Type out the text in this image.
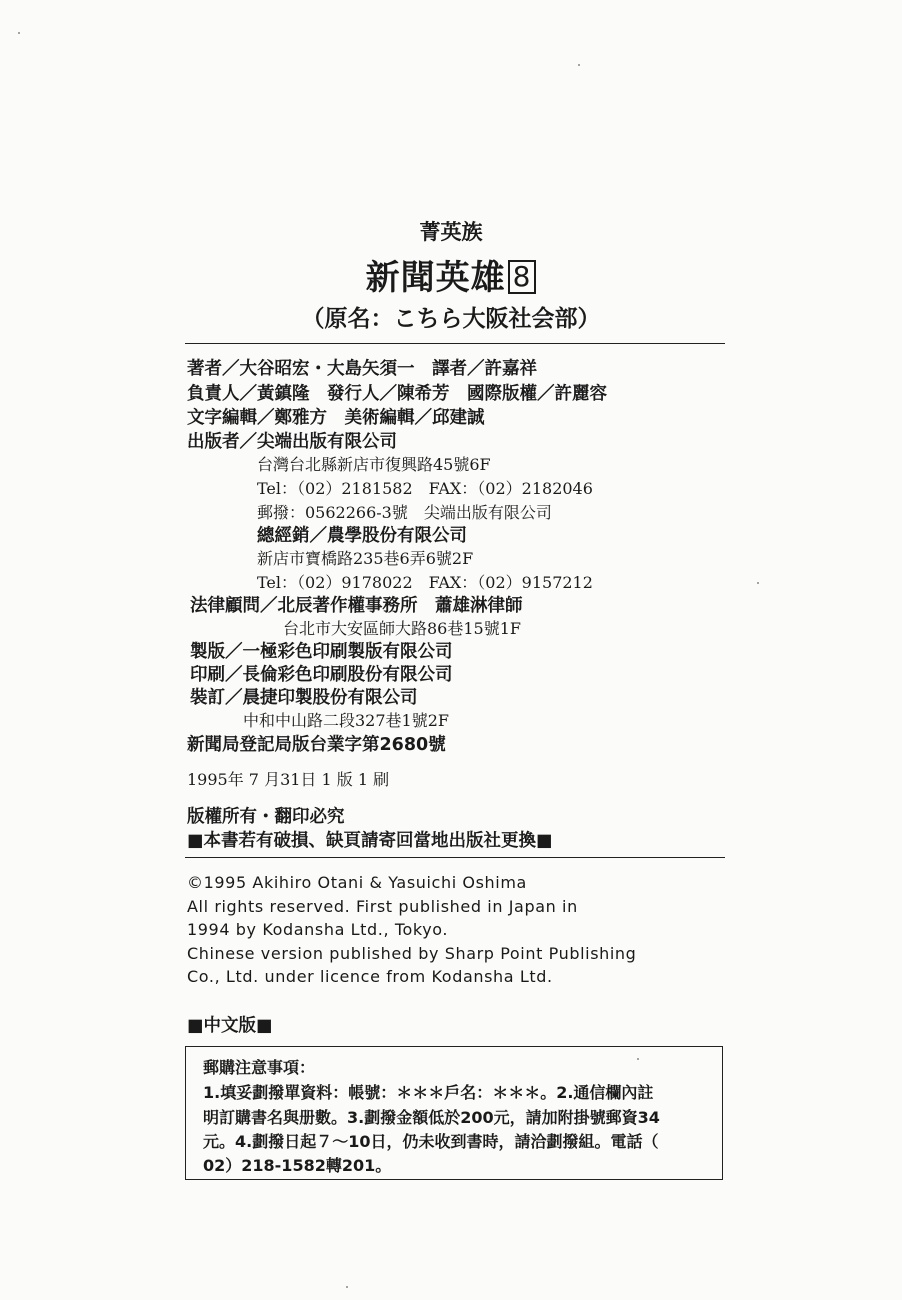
菁英族
新聞英雄 8
（原名：こちら大阪社会部）
著者／大谷昭宏・大島矢須一　譯者／許嘉祥
負責人／黃鎮隆　發行人／陳希芳　國際版權／許麗容
文字編輯／鄭雅方　美術編輯／邱建誠
出版者／尖端出版有限公司
台灣台北縣新店市復興路45號6F
Tel：（02）2181582　FAX：（02）2182046
郵撥：0562266-3號　尖端出版有限公司
總經銷／農學股份有限公司
新店市寶橋路235巷6弄6號2F
Tel：（02）9178022　FAX：（02）9157212
法律顧問／北辰著作權事務所　蕭雄淋律師
台北市大安區師大路86巷15號1F
製版／一極彩色印刷製版有限公司
印刷／長倫彩色印刷股份有限公司
裝訂／晨捷印製股份有限公司
中和中山路二段327巷1號2F
新聞局登記局版台業字第2680號
1995年 7 月31日 1 版 1 刷
版權所有・翻印必究
■本書若有破損、缺頁請寄回當地出版社更換■
©1995 Akihiro Otani & Yasuichi Oshima
All rights reserved. First published in Japan in
1994 by Kodansha Ltd., Tokyo.
Chinese version published by Sharp Point Publishing
Co., Ltd. under licence from Kodansha Ltd.
■中文版■
郵購注意事項：
1.填妥劃撥單資料：帳號：＊＊＊戶名：＊＊＊。2.通信欄內註
明訂購書名與册數。3.劃撥金額低於200元，請加附掛號郵資34
元。4.劃撥日起７～10日，仍未收到書時，請洽劃撥組。電話（
02）218-1582轉201。
